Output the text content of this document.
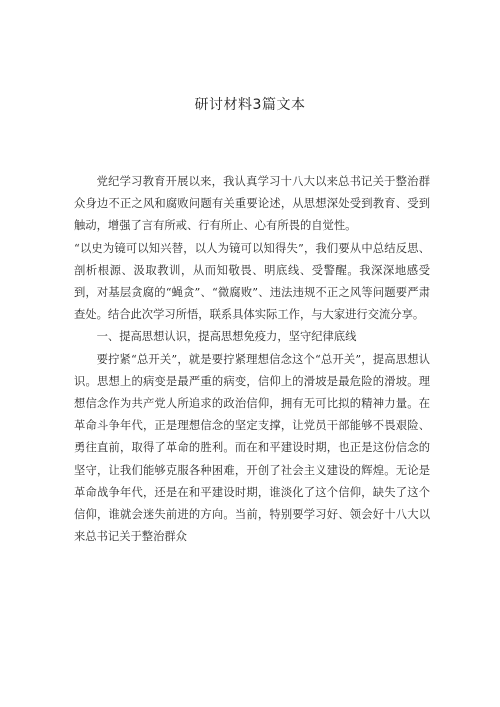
研讨材料3篇文本

党纪学习教育开展以来，我认真学习十八大以来总书记关于整治群众身边不正之风和腐败问题有关重要论述，从思想深处受到教育、受到触动，增强了言有所戒、行有所止、心有所畏的自觉性。

“以史为镜可以知兴替，以人为镜可以知得失”，我们要从中总结反思、剖析根源、汲取教训，从而知敬畏、明底线、受警醒。我深深地感受到，对基层贪腐的“蝇贪”、“微腐败”、违法违规不正之风等问题要严肃查处。结合此次学习所悟，联系具体实际工作，与大家进行交流分享。

一、提高思想认识，提高思想免疫力，坚守纪律底线

要拧紧“总开关”，就是要拧紧理想信念这个“总开关”，提高思想认识。思想上的病变是最严重的病变，信仰上的滑坡是最危险的滑坡。理想信念作为共产党人所追求的政治信仰，拥有无可比拟的精神力量。在革命斗争年代，正是理想信念的坚定支撑，让党员干部能够不畏艰险、勇往直前，取得了革命的胜利。而在和平建设时期，也正是这份信念的坚守，让我们能够克服各种困难，开创了社会主义建设的辉煌。无论是革命战争年代，还是在和平建设时期，谁淡化了这个信仰，缺失了这个信仰，谁就会迷失前进的方向。当前，特别要学习好、领会好十八大以来总书记关于整治群众
